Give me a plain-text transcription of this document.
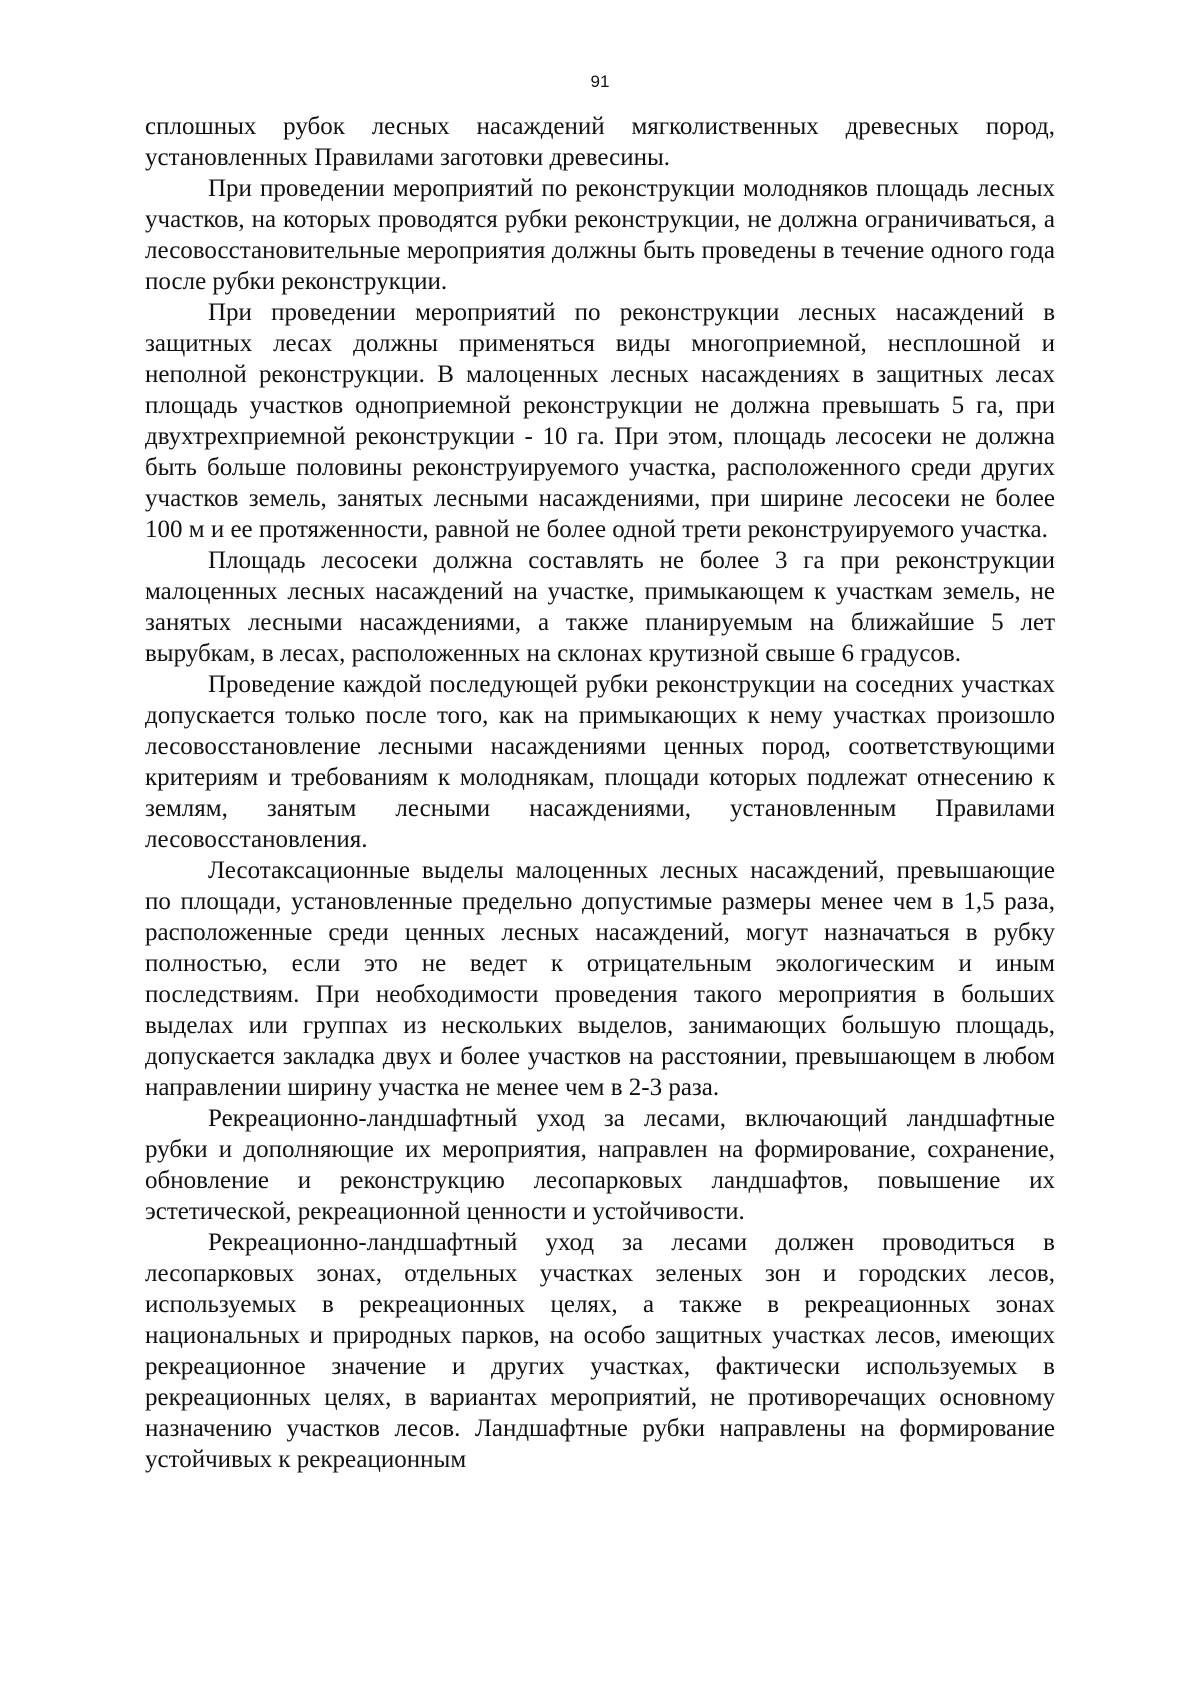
91

сплошных рубок лесных насаждений мягколиственных древесных пород, установленных Правилами заготовки древесины.

При проведении мероприятий по реконструкции молодняков площадь лесных участков, на которых проводятся рубки реконструкции, не должна ограничиваться, а лесовосстановительные мероприятия должны быть проведены в течение одного года после рубки реконструкции.

При проведении мероприятий по реконструкции лесных насаждений в защитных лесах должны применяться виды многоприемной, несплошной и неполной реконструкции. В малоценных лесных насаждениях в защитных лесах площадь участков одноприемной реконструкции не должна превышать 5 га, при двухтрехприемной реконструкции - 10 га. При этом, площадь лесосеки не должна быть больше половины реконструируемого участка, расположенного среди других участков земель, занятых лесными насаждениями, при ширине лесосеки не более 100 м и ее протяженности, равной не более одной трети реконструируемого участка.

Площадь лесосеки должна составлять не более 3 га при реконструкции малоценных лесных насаждений на участке, примыкающем к участкам земель, не занятых лесными насаждениями, а также планируемым на ближайшие 5 лет вырубкам, в лесах, расположенных на склонах крутизной свыше 6 градусов.

Проведение каждой последующей рубки реконструкции на соседних участках допускается только после того, как на примыкающих к нему участках произошло лесовосстановление лесными насаждениями ценных пород, соответствующими критериям и требованиям к молоднякам, площади которых подлежат отнесению к землям, занятым лесными насаждениями, установленным Правилами лесовосстановления.

Лесотаксационные выделы малоценных лесных насаждений, превышающие по площади, установленные предельно допустимые размеры менее чем в 1,5 раза, расположенные среди ценных лесных насаждений, могут назначаться в рубку полностью, если это не ведет к отрицательным экологическим и иным последствиям. При необходимости проведения такого мероприятия в больших выделах или группах из нескольких выделов, занимающих большую площадь, допускается закладка двух и более участков на расстоянии, превышающем в любом направлении ширину участка не менее чем в 2-3 раза.

Рекреационно-ландшафтный уход за лесами, включающий ландшафтные рубки и дополняющие их мероприятия, направлен на формирование, сохранение, обновление и реконструкцию лесопарковых ландшафтов, повышение их эстетической, рекреационной ценности и устойчивости.

Рекреационно-ландшафтный уход за лесами должен проводиться в лесопарковых зонах, отдельных участках зеленых зон и городских лесов, используемых в рекреационных целях, а также в рекреационных зонах национальных и природных парков, на особо защитных участках лесов, имеющих рекреационное значение и других участках, фактически используемых в рекреационных целях, в вариантах мероприятий, не противоречащих основному назначению участков лесов. Ландшафтные рубки направлены на формирование устойчивых к рекреационным
